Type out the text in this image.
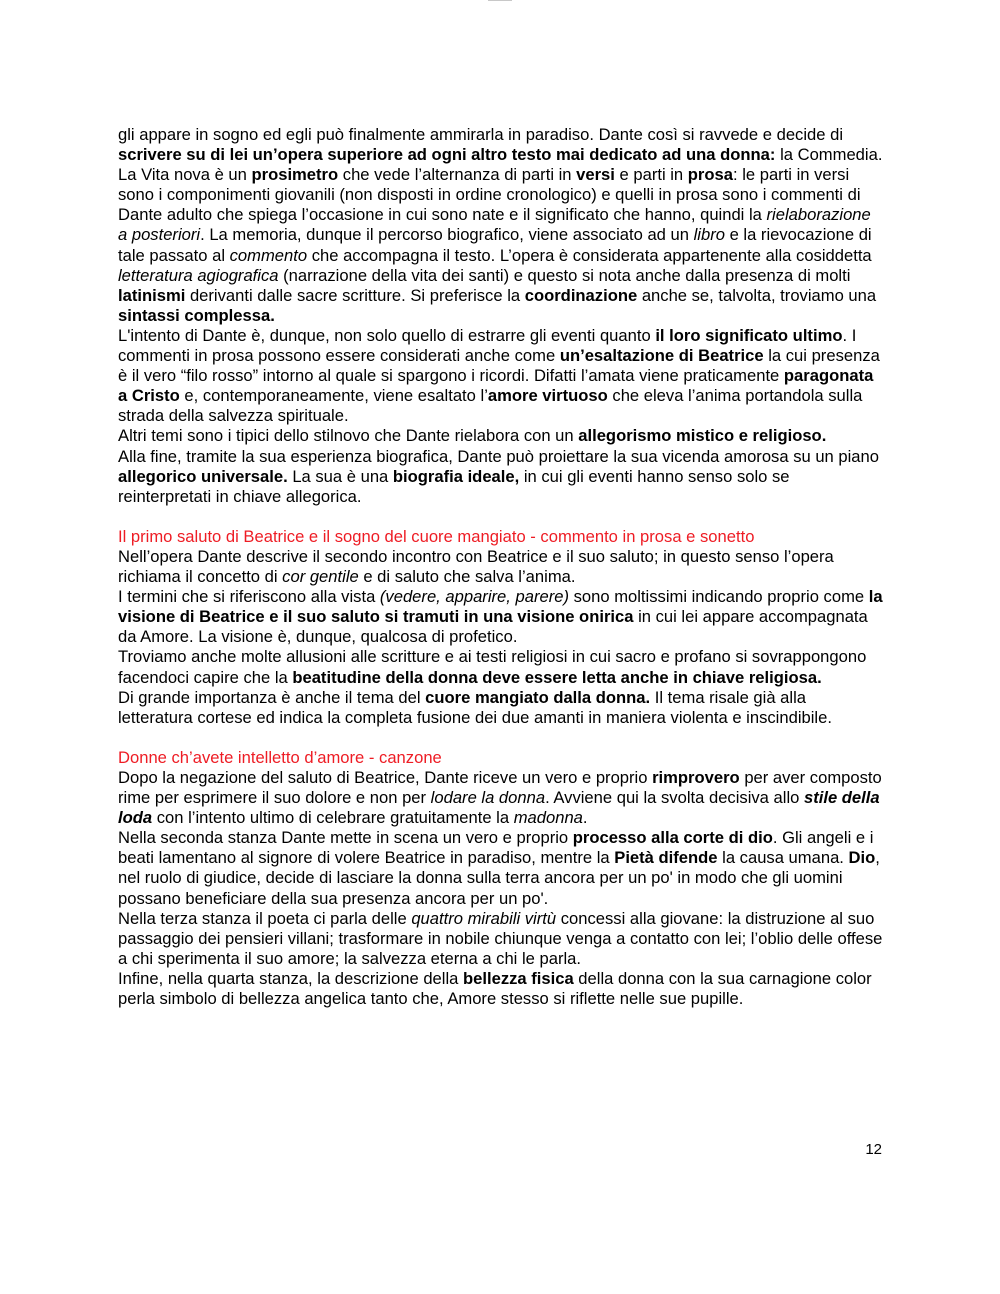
gli appare in sogno ed egli può finalmente ammirarla in paradiso. Dante così si ravvede e decide di scrivere su di lei un’opera superiore ad ogni altro testo mai dedicato ad una donna: la Commedia.

La Vita nova è un prosimetro che vede l’alternanza di parti in versi e parti in prosa: le parti in versi sono i componimenti giovanili (non disposti in ordine cronologico) e quelli in prosa sono i commenti di Dante adulto che spiega l’occasione in cui sono nate e il significato che hanno, quindi la rielaborazione a posteriori. La memoria, dunque il percorso biografico, viene associato ad un libro e la rievocazione di tale passato al commento che accompagna il testo. L’opera è considerata appartenente alla cosiddetta letteratura agiografica (narrazione della vita dei santi) e questo si nota anche dalla presenza di molti latinismi derivanti dalle sacre scritture. Si preferisce la coordinazione anche se, talvolta, troviamo una sintassi complessa.

L'intento di Dante è, dunque, non solo quello di estrarre gli eventi quanto il loro significato ultimo. I commenti in prosa possono essere considerati anche come un’esaltazione di Beatrice la cui presenza è il vero “filo rosso” intorno al quale si spargono i ricordi. Difatti l’amata viene praticamente paragonata a Cristo e, contemporaneamente, viene esaltato l’amore virtuoso che eleva l’anima portandola sulla strada della salvezza spirituale.

Altri temi sono i tipici dello stilnovo che Dante rielabora con un allegorismo mistico e religioso.

Alla fine, tramite la sua esperienza biografica, Dante può proiettare la sua vicenda amorosa su un piano allegorico universale. La sua è una biografia ideale, in cui gli eventi hanno senso solo se reinterpretati in chiave allegorica.

Il primo saluto di Beatrice e il sogno del cuore mangiato - commento in prosa e sonetto

Nell’opera Dante descrive il secondo incontro con Beatrice e il suo saluto; in questo senso l’opera richiama il concetto di cor gentile e di saluto che salva l’anima.

I termini che si riferiscono alla vista (vedere, apparire, parere) sono moltissimi indicando proprio come la visione di Beatrice e il suo saluto si tramuti in una visione onirica in cui lei appare accompagnata da Amore. La visione è, dunque, qualcosa di profetico.

Troviamo anche molte allusioni alle scritture e ai testi religiosi in cui sacro e profano si sovrappongono facendoci capire che la beatitudine della donna deve essere letta anche in chiave religiosa.

Di grande importanza è anche il tema del cuore mangiato dalla donna. Il tema risale già alla letteratura cortese ed indica la completa fusione dei due amanti in maniera violenta e inscindibile.

Donne ch’avete intelletto d’amore - canzone

Dopo la negazione del saluto di Beatrice, Dante riceve un vero e proprio rimprovero per aver composto rime per esprimere il suo dolore e non per lodare la donna. Avviene qui la svolta decisiva allo stile della loda con l’intento ultimo di celebrare gratuitamente la madonna.

Nella seconda stanza Dante mette in scena un vero e proprio processo alla corte di dio. Gli angeli e i beati lamentano al signore di volere Beatrice in paradiso, mentre la Pietà difende la causa umana. Dio, nel ruolo di giudice, decide di lasciare la donna sulla terra ancora per un po' in modo che gli uomini possano beneficiare della sua presenza ancora per un po'.

Nella terza stanza il poeta ci parla delle quattro mirabili virtù concessi alla giovane: la distruzione al suo passaggio dei pensieri villani; trasformare in nobile chiunque venga a contatto con lei; l’oblio delle offese a chi sperimenta il suo amore; la salvezza eterna a chi le parla.

Infine, nella quarta stanza, la descrizione della bellezza fisica della donna con la sua carnagione color perla simbolo di bellezza angelica tanto che, Amore stesso si riflette nelle sue pupille.

12
